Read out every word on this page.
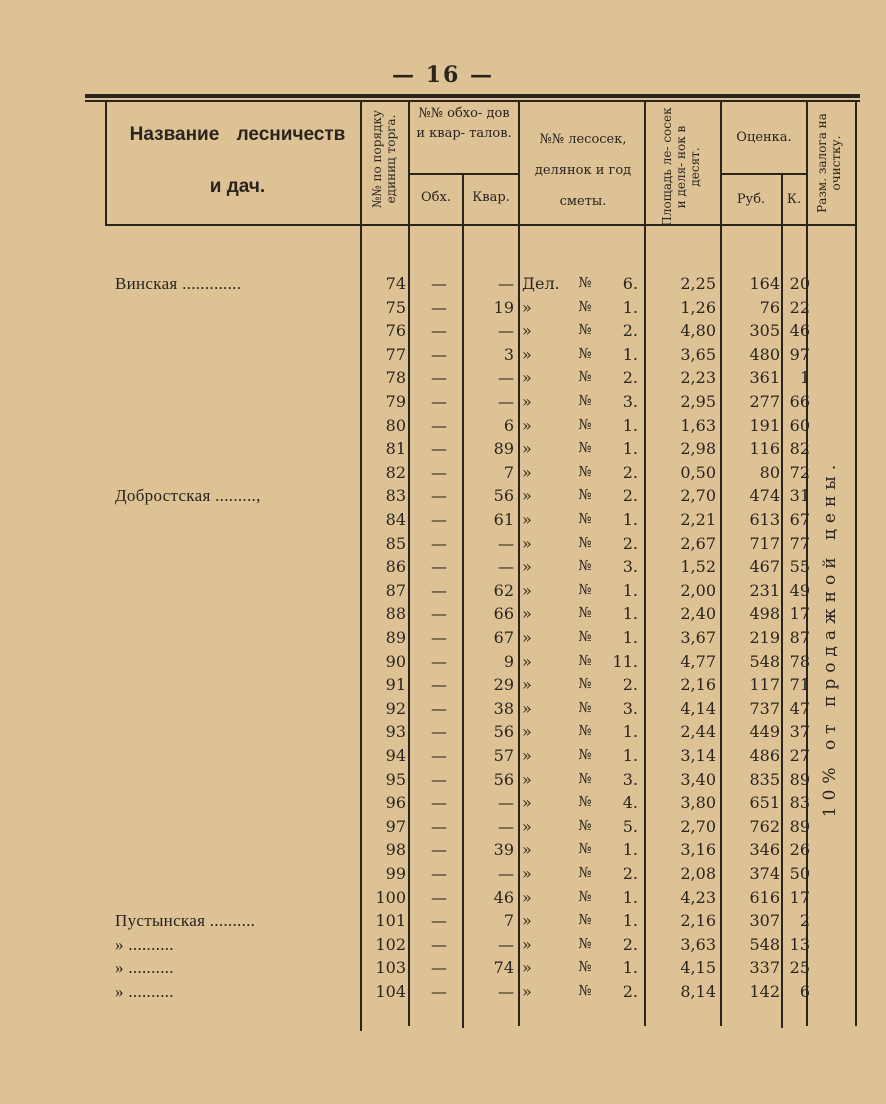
— 16 —
Название лесничеств
и дач.	№№ по порядку единиц торга.
№№ обхо- дов и квар- талов.
Обх.	Квар.
№№ лесосек, делянок и год сметы.	Площадь ле- сосек и деля- нок в десят.
Оценка.
Руб.	К.	Разм. залога на очистку.
10% от продажной цены.
Винская .............	74	—	— Дел.	№	6.	2,25	164 20
75	—	19 »	№	1.	1,26	76 22
76	—	— »	№	2.	4,80	305 46
77	—	3 »	№	1.	3,65	480 97
78	—	— »	№	2.	2,23	361	1
79	—	— »	№	3.	2,95	277 66
80	—	6 »	№	1.	1,63	191 60
81	—	89 »	№	1.	2,98	116 82
82	—	7 »	№	2.	0,50	80 72
Добростская .........,	83	—	56 »	№	2.	2,70	474 31
84	—	61 »	№	1.	2,21	613 67
85	—	— »	№	2.	2,67	717 77
86	—	— »	№	3.	1,52	467 55
87	—	62 »	№	1.	2,00	231 49
88	—	66 »	№	1.	2,40	498 17
89	—	67 »	№	1.	3,67	219 87
90	—	9 »	№	11.	4,77	548 78
91	—	29 »	№	2.	2,16	117 71
92	—	38 »	№	3.	4,14	737 47
93	—	56 »	№	1.	2,44	449 37
94	—	57 »	№	1.	3,14	486 27
95	—	56 »	№	3.	3,40	835 89
96	—	— »	№	4.	3,80	651 83
97	—	— »	№	5.	2,70	762 89
98	—	39 »	№	1.	3,16	346 26
99	—	— »	№	2.	2,08	374 50
100	—	46 »	№	1.	4,23	616 17
Пустынская ..........	101	—	7 »	№	1.	2,16	307	2
» ..........	102	—	— »	№	2.	3,63	548 13
» ..........	103	—	74 »	№	1.	4,15	337 25
» ..........	104	—	— »	№	2.	8,14	142	6
